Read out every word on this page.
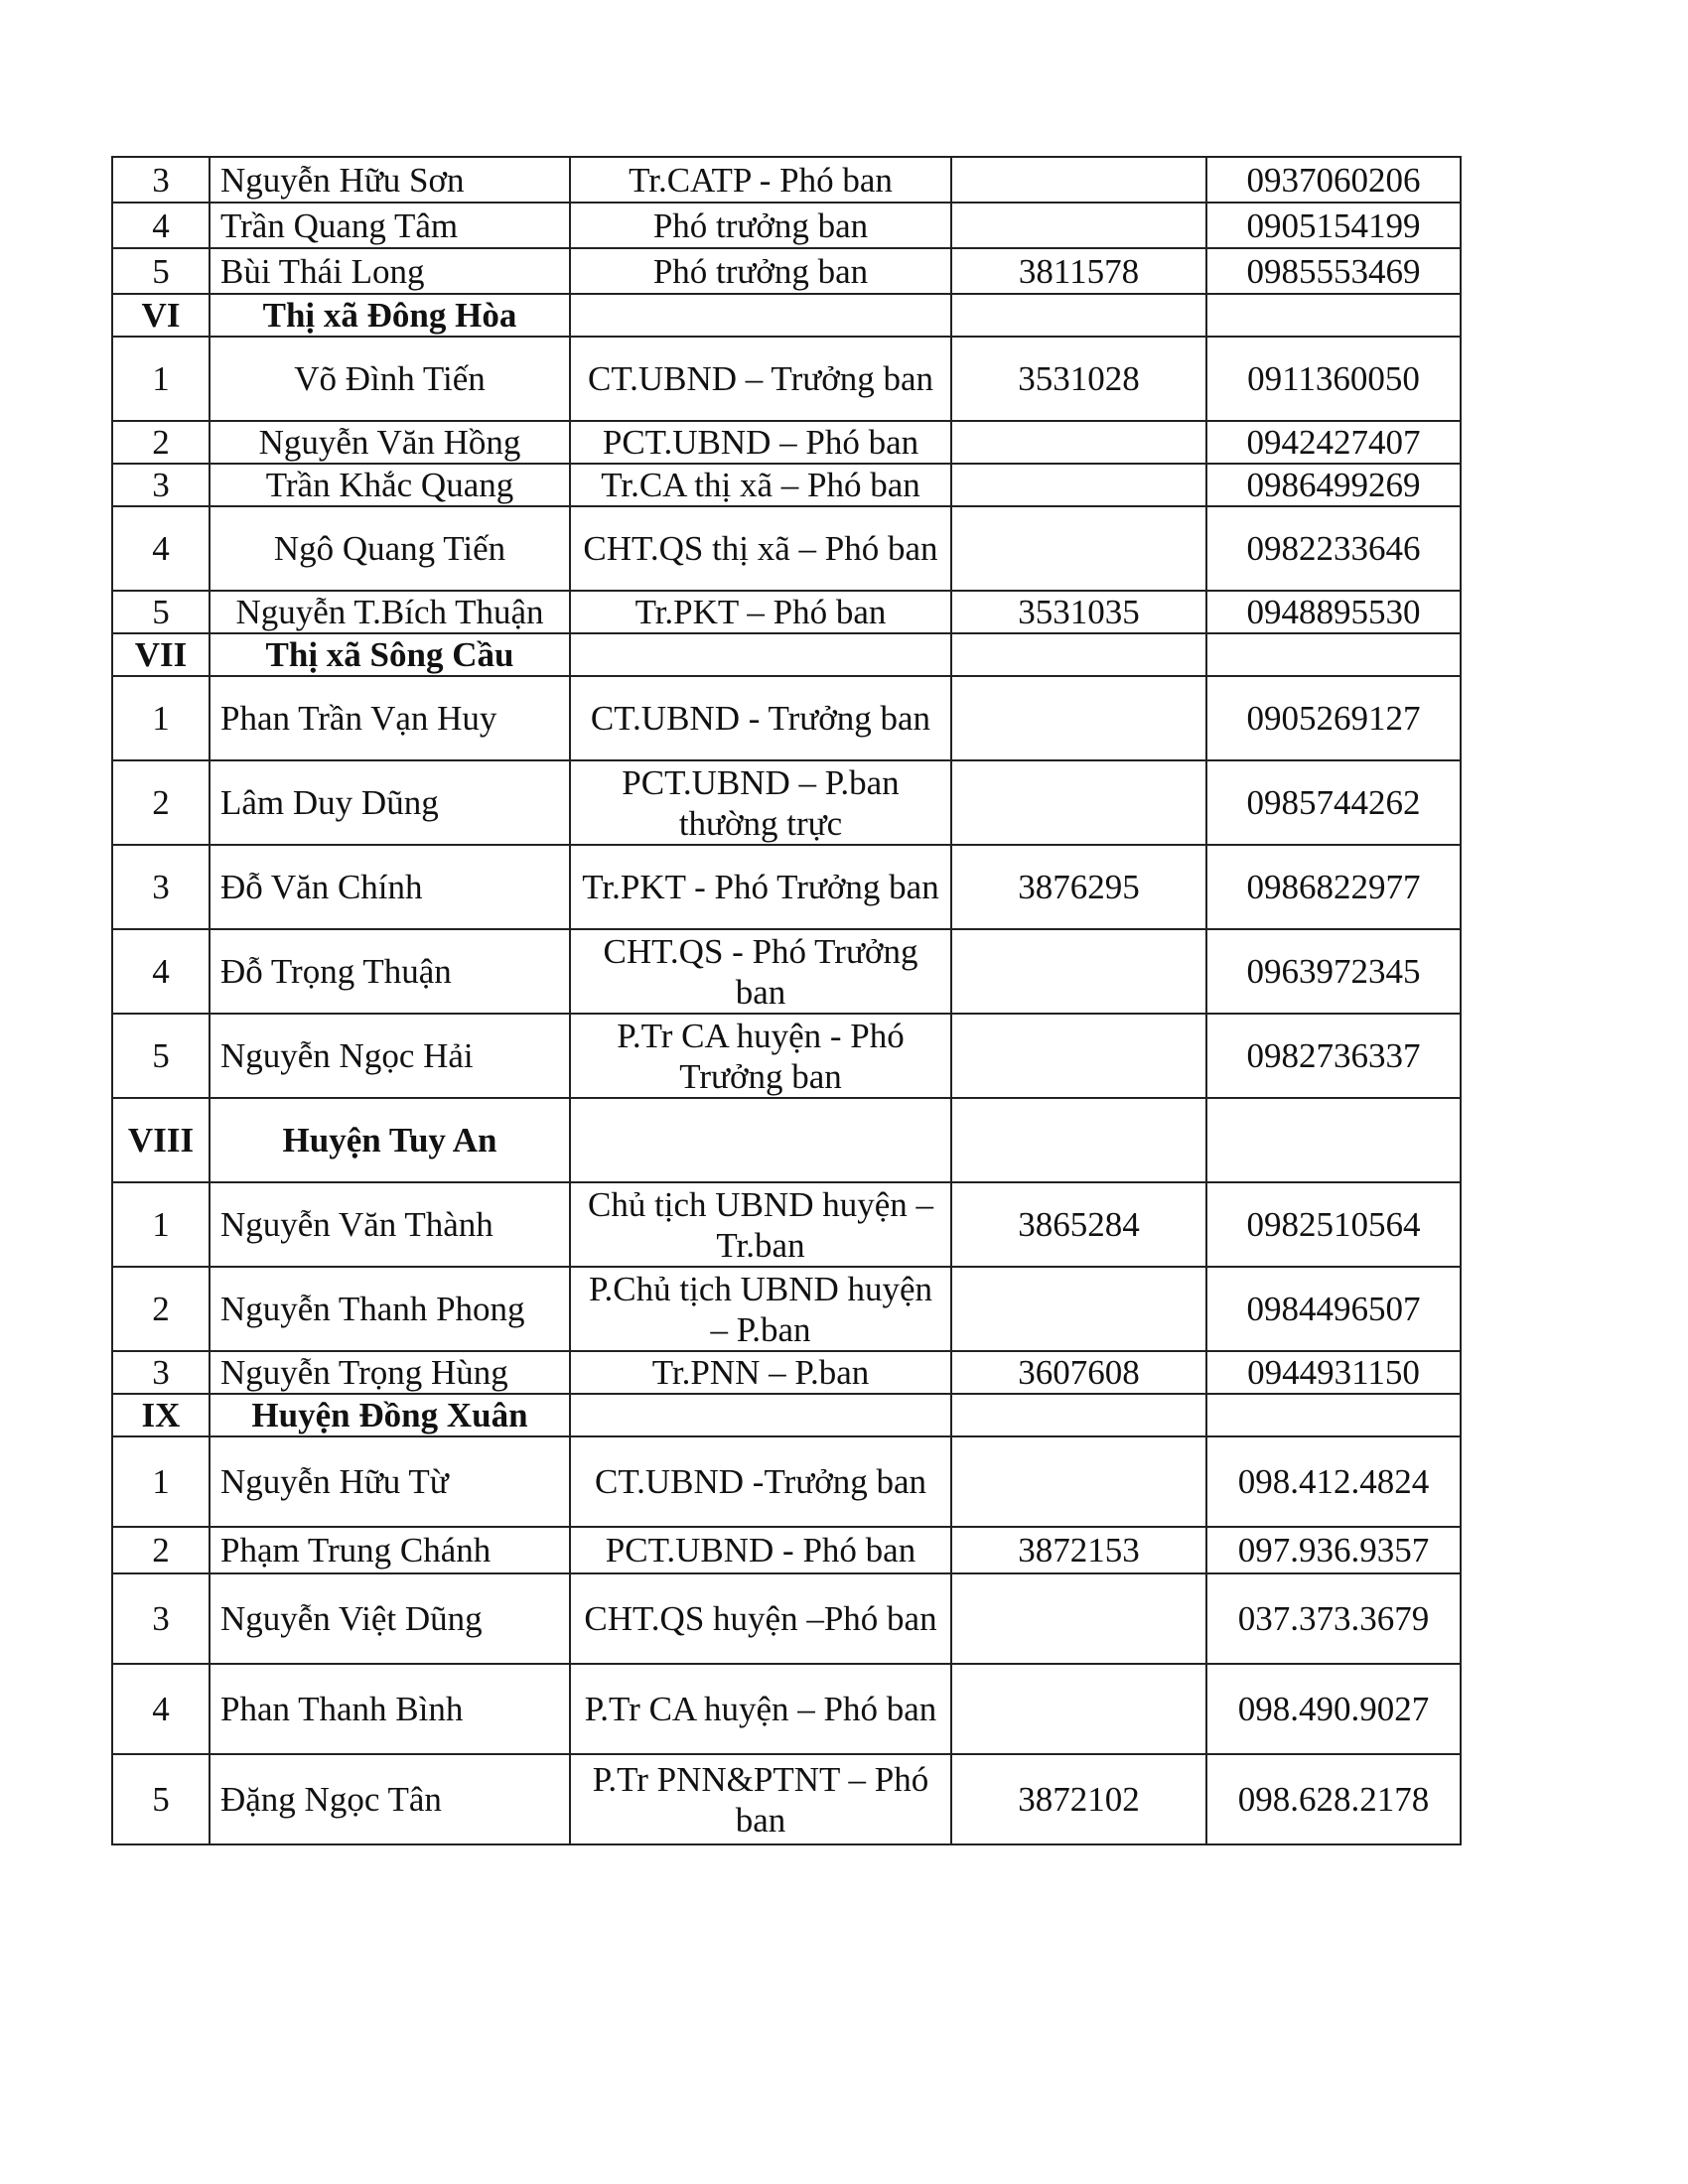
3	Nguyễn Hữu Sơn	Tr.CATP - Phó ban		0937060206
4	Trần Quang Tâm	Phó trưởng ban		0905154199
5	Bùi Thái Long	Phó trưởng ban	3811578	0985553469
VI	Thị xã Đông Hòa			
1	Võ Đình Tiến	CT.UBND – Trưởng ban	3531028	0911360050
2	Nguyễn Văn Hồng	PCT.UBND – Phó ban		0942427407
3	Trần Khắc Quang	Tr.CA thị xã – Phó ban		0986499269
4	Ngô Quang Tiến	CHT.QS thị xã – Phó ban		0982233646
5	Nguyễn T.Bích Thuận	Tr.PKT – Phó ban	3531035	0948895530
VII	Thị xã Sông Cầu			
1	Phan Trần Vạn Huy	CT.UBND - Trưởng ban		0905269127
2	Lâm Duy Dũng	PCT.UBND – P.ban thường trực		0985744262
3	Đỗ Văn Chính	Tr.PKT - Phó Trưởng ban	3876295	0986822977
4	Đỗ Trọng Thuận	CHT.QS - Phó Trưởng ban		0963972345
5	Nguyễn Ngọc Hải	P.Tr CA huyện - Phó Trưởng ban		0982736337
VIII	Huyện Tuy An			
1	Nguyễn Văn Thành	Chủ tịch UBND huyện – Tr.ban	3865284	0982510564
2	Nguyễn Thanh Phong	P.Chủ tịch UBND huyện – P.ban		0984496507
3	Nguyễn Trọng Hùng	Tr.PNN – P.ban	3607608	0944931150
IX	Huyện Đồng Xuân			
1	Nguyễn Hữu Từ	CT.UBND -Trưởng ban		098.412.4824
2	Phạm Trung Chánh	PCT.UBND - Phó ban	3872153	097.936.9357
3	Nguyễn Việt Dũng	CHT.QS huyện –Phó ban		037.373.3679
4	Phan Thanh Bình	P.Tr CA huyện – Phó ban		098.490.9027
5	Đặng Ngọc Tân	P.Tr PNN&PTNT – Phó ban	3872102	098.628.2178
